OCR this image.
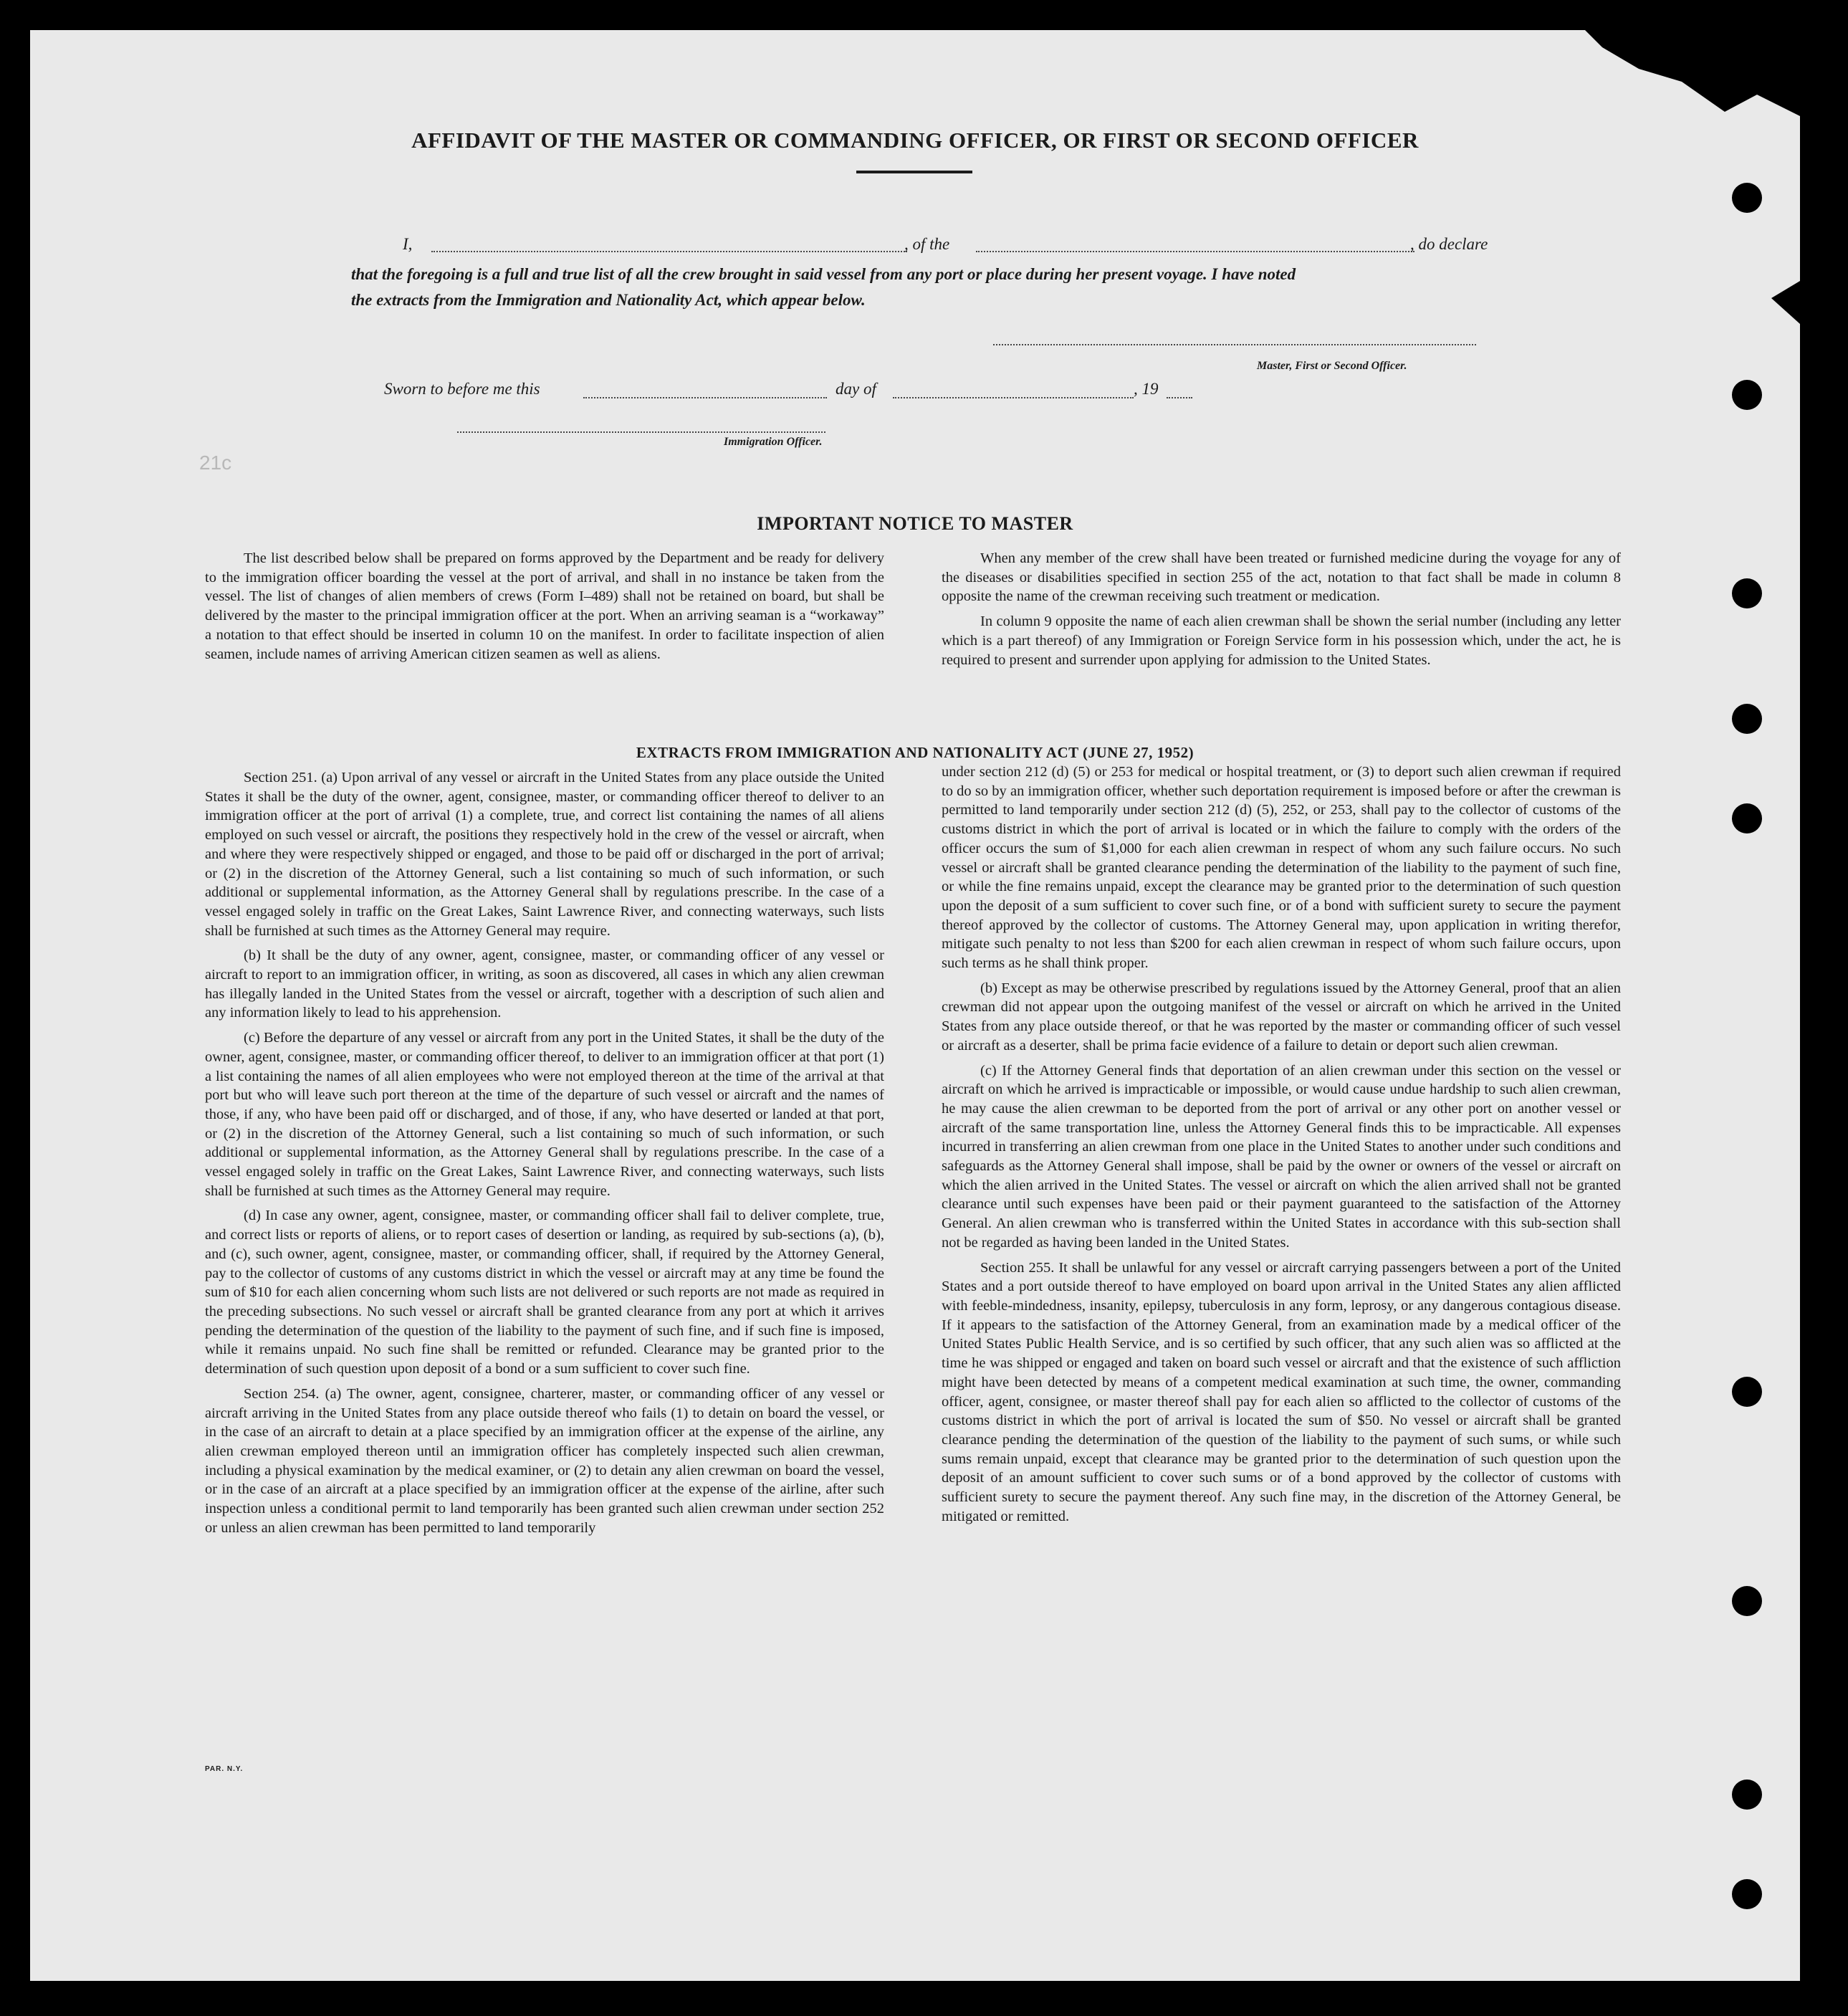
AFFIDAVIT OF THE MASTER OR COMMANDING OFFICER, OR FIRST OR SECOND OFFICER
I,	, of the	, do declare
that the foregoing is a full and true list of all the crew brought in said vessel from any port or place during her present voyage. I have noted
the extracts from the Immigration and Nationality Act, which appear below.
Master, First or Second Officer.
Sworn to before me this	day of	, 19
Immigration Officer.
21c
IMPORTANT NOTICE TO MASTER

The list described below shall be prepared on forms approved by the Department and be ready for delivery to the immigration officer boarding the vessel at the port of arrival, and shall in no instance be taken from the vessel. The list of changes of alien members of crews (Form I–489) shall not be retained on board, but shall be delivered by the master to the principal immigration officer at the port. When an arriving seaman is a “workaway” a notation to that effect should be inserted in column 10 on the manifest. In order to facilitate inspection of alien seamen, include names of arriving American citizen seamen as well as aliens.

When any member of the crew shall have been treated or furnished medicine during the voyage for any of the diseases or disabilities specified in section 255 of the act, notation to that fact shall be made in column 8 opposite the name of the crewman receiving such treatment or medication.

In column 9 opposite the name of each alien crewman shall be shown the serial number (including any letter which is a part thereof) of any Immigration or Foreign Service form in his possession which, under the act, he is required to present and surrender upon applying for admission to the United States.

EXTRACTS FROM IMMIGRATION AND NATIONALITY ACT (JUNE 27, 1952)

Section 251. (a) Upon arrival of any vessel or aircraft in the United States from any place outside the United States it shall be the duty of the owner, agent, consignee, master, or commanding officer thereof to deliver to an immigration officer at the port of arrival (1) a complete, true, and correct list containing the names of all aliens employed on such vessel or aircraft, the positions they respectively hold in the crew of the vessel or aircraft, when and where they were respectively shipped or engaged, and those to be paid off or discharged in the port of arrival; or (2) in the discretion of the Attorney General, such a list containing so much of such information, or such additional or supplemental information, as the Attorney General shall by regulations prescribe. In the case of a vessel engaged solely in traffic on the Great Lakes, Saint Lawrence River, and connecting waterways, such lists shall be furnished at such times as the Attorney General may require.

(b) It shall be the duty of any owner, agent, consignee, master, or commanding officer of any vessel or aircraft to report to an immigration officer, in writing, as soon as discovered, all cases in which any alien crewman has illegally landed in the United States from the vessel or aircraft, together with a description of such alien and any information likely to lead to his apprehension.

(c) Before the departure of any vessel or aircraft from any port in the United States, it shall be the duty of the owner, agent, consignee, master, or commanding officer thereof, to deliver to an immigration officer at that port (1) a list containing the names of all alien employees who were not employed thereon at the time of the arrival at that port but who will leave such port thereon at the time of the departure of such vessel or aircraft and the names of those, if any, who have been paid off or discharged, and of those, if any, who have deserted or landed at that port, or (2) in the discretion of the Attorney General, such a list containing so much of such information, or such additional or supplemental information, as the Attorney General shall by regulations prescribe. In the case of a vessel engaged solely in traffic on the Great Lakes, Saint Lawrence River, and connecting waterways, such lists shall be furnished at such times as the Attorney General may require.

(d) In case any owner, agent, consignee, master, or commanding officer shall fail to deliver complete, true, and correct lists or reports of aliens, or to report cases of desertion or landing, as required by sub-sections (a), (b), and (c), such owner, agent, consignee, master, or commanding officer, shall, if required by the Attorney General, pay to the collector of customs of any customs district in which the vessel or aircraft may at any time be found the sum of $10 for each alien concerning whom such lists are not delivered or such reports are not made as required in the preceding subsections. No such vessel or aircraft shall be granted clearance from any port at which it arrives pending the determination of the question of the liability to the payment of such fine, and if such fine is imposed, while it remains unpaid. No such fine shall be remitted or refunded. Clearance may be granted prior to the determination of such question upon deposit of a bond or a sum sufficient to cover such fine.

Section 254. (a) The owner, agent, consignee, charterer, master, or commanding officer of any vessel or aircraft arriving in the United States from any place outside thereof who fails (1) to detain on board the vessel, or in the case of an aircraft to detain at a place specified by an immigration officer at the expense of the airline, any alien crewman employed thereon until an immigration officer has completely inspected such alien crewman, including a physical examination by the medical examiner, or (2) to detain any alien crewman on board the vessel, or in the case of an aircraft at a place specified by an immigration officer at the expense of the airline, after such inspection unless a conditional permit to land temporarily has been granted such alien crewman under section 252 or unless an alien crewman has been permitted to land temporarily

under section 212 (d) (5) or 253 for medical or hospital treatment, or (3) to deport such alien crewman if required to do so by an immigration officer, whether such deportation requirement is imposed before or after the crewman is permitted to land temporarily under section 212 (d) (5), 252, or 253, shall pay to the collector of customs of the customs district in which the port of arrival is located or in which the failure to comply with the orders of the officer occurs the sum of $1,000 for each alien crewman in respect of whom any such failure occurs. No such vessel or aircraft shall be granted clearance pending the determination of the liability to the payment of such fine, or while the fine remains unpaid, except the clearance may be granted prior to the determination of such question upon the deposit of a sum sufficient to cover such fine, or of a bond with sufficient surety to secure the payment thereof approved by the collector of customs. The Attorney General may, upon application in writing therefor, mitigate such penalty to not less than $200 for each alien crewman in respect of whom such failure occurs, upon such terms as he shall think proper.

(b) Except as may be otherwise prescribed by regulations issued by the Attorney General, proof that an alien crewman did not appear upon the outgoing manifest of the vessel or aircraft on which he arrived in the United States from any place outside thereof, or that he was reported by the master or commanding officer of such vessel or aircraft as a deserter, shall be prima facie evidence of a failure to detain or deport such alien crewman.

(c) If the Attorney General finds that deportation of an alien crewman under this section on the vessel or aircraft on which he arrived is impracticable or impossible, or would cause undue hardship to such alien crewman, he may cause the alien crewman to be deported from the port of arrival or any other port on another vessel or aircraft of the same transportation line, unless the Attorney General finds this to be impracticable. All expenses incurred in transferring an alien crewman from one place in the United States to another under such conditions and safeguards as the Attorney General shall impose, shall be paid by the owner or owners of the vessel or aircraft on which the alien arrived in the United States. The vessel or aircraft on which the alien arrived shall not be granted clearance until such expenses have been paid or their payment guaranteed to the satisfaction of the Attorney General. An alien crewman who is transferred within the United States in accordance with this sub-section shall not be regarded as having been landed in the United States.

Section 255. It shall be unlawful for any vessel or aircraft carrying passengers between a port of the United States and a port outside thereof to have employed on board upon arrival in the United States any alien afflicted with feeble-mindedness, insanity, epilepsy, tuberculosis in any form, leprosy, or any dangerous contagious disease. If it appears to the satisfaction of the Attorney General, from an examination made by a medical officer of the United States Public Health Service, and is so certified by such officer, that any such alien was so afflicted at the time he was shipped or engaged and taken on board such vessel or aircraft and that the existence of such affliction might have been detected by means of a competent medical examination at such time, the owner, commanding officer, agent, consignee, or master thereof shall pay for each alien so afflicted to the collector of customs of the customs district in which the port of arrival is located the sum of $50. No vessel or aircraft shall be granted clearance pending the determination of the question of the liability to the payment of such sums, or while such sums remain unpaid, except that clearance may be granted prior to the determination of such question upon the deposit of an amount sufficient to cover such sums or of a bond approved by the collector of customs with sufficient surety to secure the payment thereof. Any such fine may, in the discretion of the Attorney General, be mitigated or remitted.

PAR. N.Y.
